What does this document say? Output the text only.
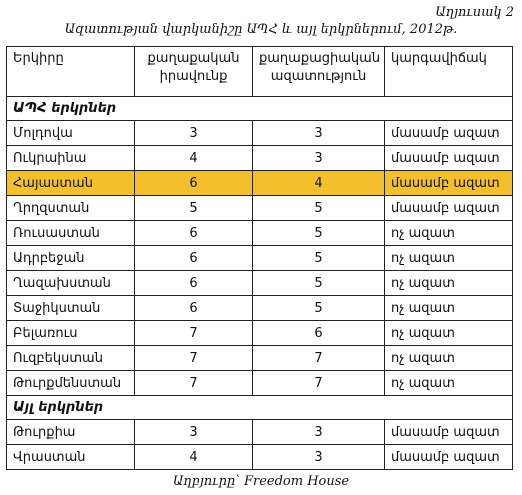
Աղյուսակ 2
Ազատության վարկանիշը ԱՊՀ և այլ երկրներում, 2012թ.
Երկիրը	քաղաքական իրավունք	քաղաքացիական ազատություն	կարգավիճակ
ԱՊՀ երկրներ			
Մոլդովա	3	3	մասամբ ազատ
Ուկրաինա	4	3	մասամբ ազատ
Հայաստան	6	4	մասամբ ազատ
Ղրղզստան	5	5	մասամբ ազատ
Ռուսաստան	6	5	ոչ ազատ
Ադրբեջան	6	5	ոչ ազատ
Ղազախստան	6	5	ոչ ազատ
Տաջիկստան	6	5	ոչ ազատ
Բելառուս	7	6	ոչ ազատ
Ուզբեկստան	7	7	ոչ ազատ
Թուրքմենստան	7	7	ոչ ազատ
Այլ երկրներ			
Թուրքիա	3	3	մասամբ ազատ
Վրաստան	4	3	մասամբ ազատ
Աղբյուրը՝ Freedom House
